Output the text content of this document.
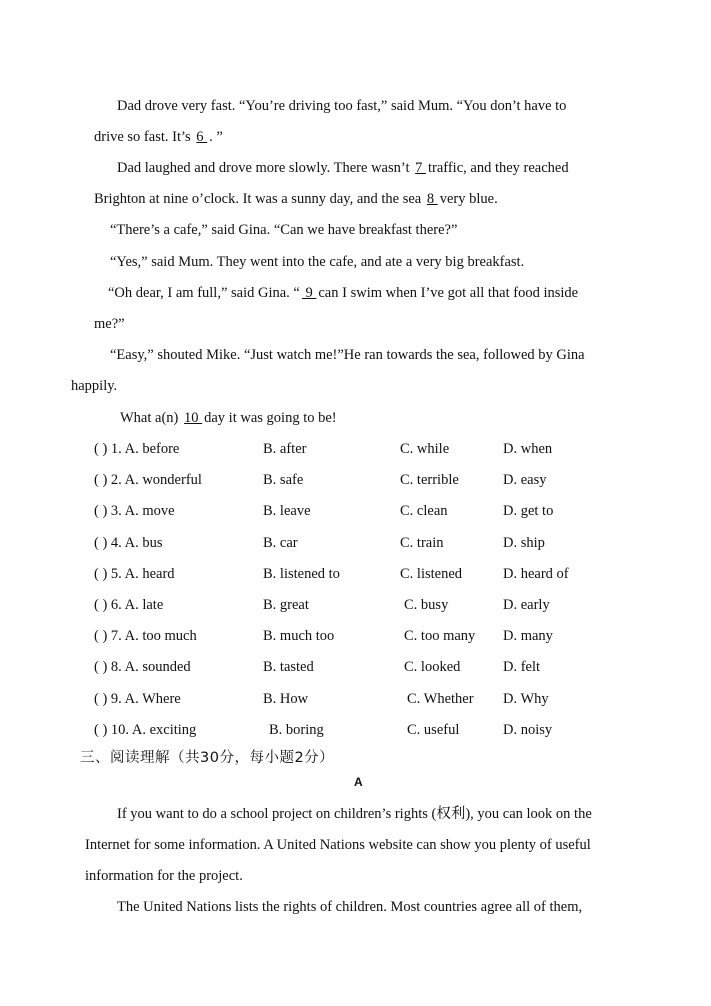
Dad drove very fast. “You’re driving too fast,” said Mum. “You don’t have to
drive so fast. It’s 6 . ”
Dad laughed and drove more slowly. There wasn’t 7 traffic, and they reached
Brighton at nine o’clock. It was a sunny day, and the sea 8 very blue.
“There’s a cafe,” said Gina. “Can we have breakfast there?”
“Yes,” said Mum. They went into the cafe, and ate a very big breakfast.
“Oh dear, I am full,” said Gina. “ 9 can I swim when I’ve got all that food inside
me?”
“Easy,” shouted Mike. “Just watch me!”He ran towards the sea, followed by Gina
happily.
What a(n) 10 day it was going to be!
( ) 1. A. before	B. after	C. while	D. when
( ) 2. A. wonderful	B. safe	C. terrible	D. easy
( ) 3. A. move	B. leave	C. clean	D. get to
( ) 4. A. bus	B. car	C. train	D. ship
( ) 5. A. heard	B. listened to	C. listened	D. heard of
( ) 6. A. late	B. great	C. busy	D. early
( ) 7. A. too much	B. much too	C. too many D. many
( ) 8. A. sounded	B. tasted	C. looked	D. felt
( ) 9. A. Where	B. How	C. Whether D. Why
( ) 10. A. exciting	B. boring	C. useful	D. noisy
三、阅读理解（共30分，每小题2分）
A
If you want to do a school project on children’s rights (权利), you can look on the
Internet for some information. A United Nations website can show you plenty of useful
information for the project.
The United Nations lists the rights of children. Most countries agree all of them,
